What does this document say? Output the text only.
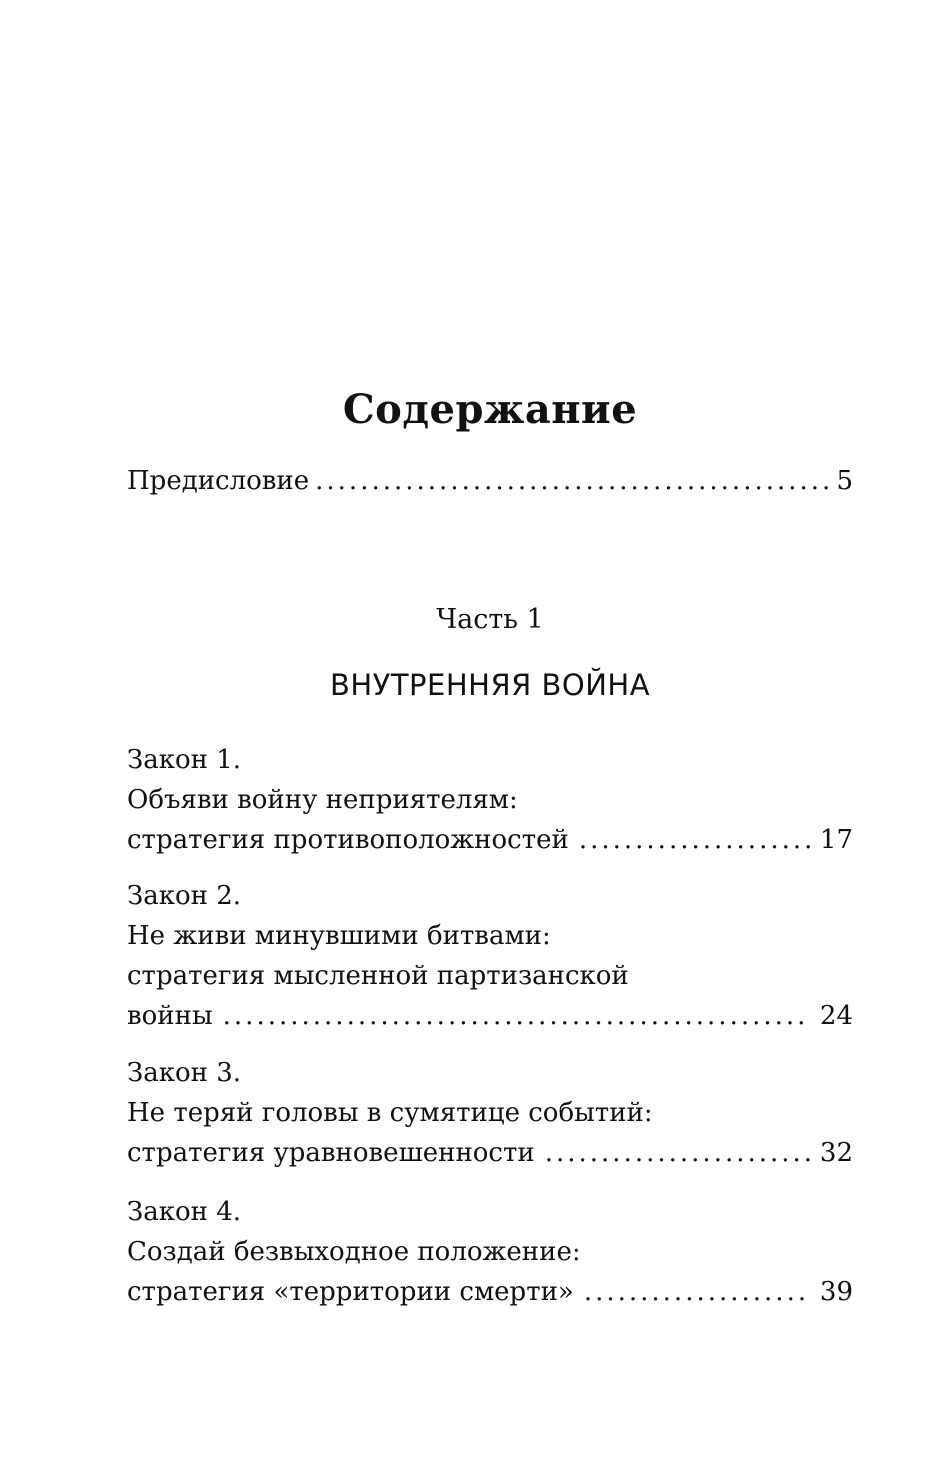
Содержание
Предисловие .....	5
Часть 1
ВНУТРЕННЯЯ ВОЙНА
Закон 1.
Объяви войну неприятелям:
стратегия противоположностей .....	17
Закон 2.
Не живи минувшими битвами:
стратегия мысленной партизанской
войны .....	24
Закон 3.
Не теряй головы в сумятице событий:
стратегия уравновешенности .....	32
Закон 4.
Создай безвыходное положение:
стратегия «территории смерти» .....	39
